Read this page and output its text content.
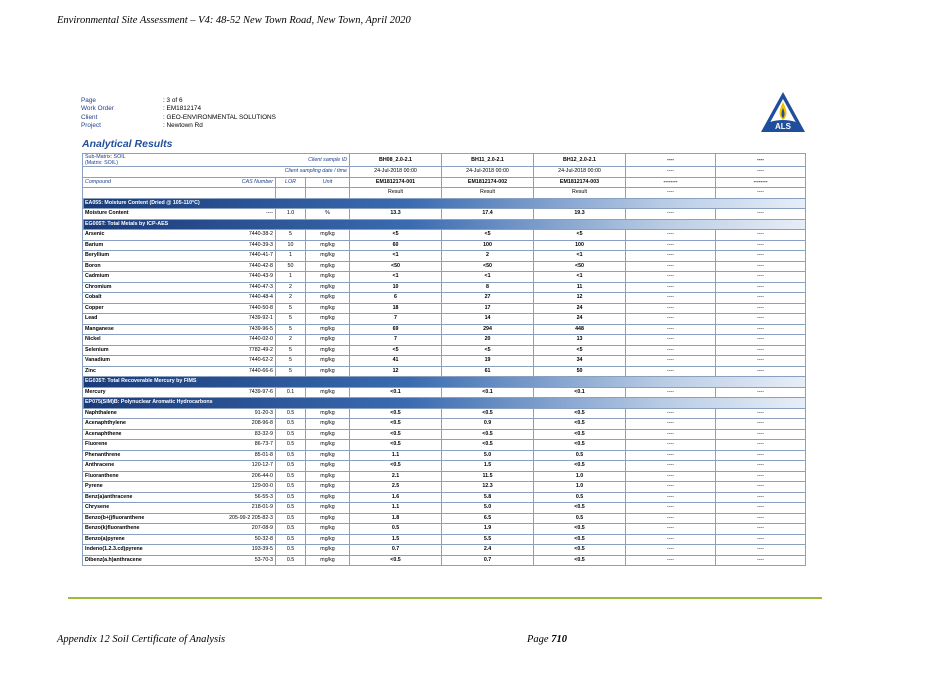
Environmental Site Assessment – V4: 48-52 New Town Road, New Town, April 2020
Page	: 3 of 6
Work Order	: EM1812174
Client	: GEO-ENVIRONMENTAL SOLUTIONS
Project	: Newtown Rd	ALS
Analytical Results
Sub-Matrix: SOIL
(Matrix: SOIL)		Client sample ID		BH08_2.0-2.1	BH11_2.0-2.1	BH12_2.0-2.1	----	----
Client sampling date / time				24-Jul-2018 00:00	24-Jul-2018 00:00	24-Jul-2018 00:00	----	----
Compound	CAS Number	LOR	Unit	EM1812174-001	EM1812174-002	EM1812174-003	--------	--------
				Result	Result	Result	----	----
EA055: Moisture Content (Dried @ 105-110°C)								
Moisture Content	----	1.0	%	13.3	17.4	19.3	----	----
EG005T: Total Metals by ICP-AES								
Arsenic	7440-38-2	5	mg/kg	<5	<5	<5	----	----
Barium	7440-39-3	10	mg/kg	60	100	100	----	----
Beryllium	7440-41-7	1	mg/kg	<1	2	<1	----	----
Boron	7440-42-8	50	mg/kg	<50	<50	<50	----	----
Cadmium	7440-43-9	1	mg/kg	<1	<1	<1	----	----
Chromium	7440-47-3	2	mg/kg	10	8	11	----	----
Cobalt	7440-48-4	2	mg/kg	6	27	12	----	----
Copper	7440-50-8	5	mg/kg	18	17	24	----	----
Lead	7439-92-1	5	mg/kg	7	14	24	----	----
Manganese	7439-96-5	5	mg/kg	69	294	448	----	----
Nickel	7440-02-0	2	mg/kg	7	20	13	----	----
Selenium	7782-49-2	5	mg/kg	<5	<5	<5	----	----
Vanadium	7440-62-2	5	mg/kg	41	19	34	----	----
Zinc	7440-66-6	5	mg/kg	12	61	50	----	----
EG035T: Total Recoverable Mercury by FIMS								
Mercury	7439-97-6	0.1	mg/kg	<0.1	<0.1	<0.1	----	----
EP075(SIM)B: Polynuclear Aromatic Hydrocarbons								
Naphthalene	91-20-3	0.5	mg/kg	<0.5	<0.5	<0.5	----	----
Acenaphthylene	208-96-8	0.5	mg/kg	<0.5	0.9	<0.5	----	----
Acenaphthene	83-32-9	0.5	mg/kg	<0.5	<0.5	<0.5	----	----
Fluorene	86-73-7	0.5	mg/kg	<0.5	<0.5	<0.5	----	----
Phenanthrene	85-01-8	0.5	mg/kg	1.1	5.0	0.5	----	----
Anthracene	120-12-7	0.5	mg/kg	<0.5	1.5	<0.5	----	----
Fluoranthene	206-44-0	0.5	mg/kg	2.1	11.5	1.0	----	----
Pyrene	129-00-0	0.5	mg/kg	2.5	12.3	1.0	----	----
Benz(a)anthracene	56-55-3	0.5	mg/kg	1.6	5.8	0.5	----	----
Chrysene	218-01-9	0.5	mg/kg	1.1	5.0	<0.5	----	----
Benzo(b+j)fluoranthene	205-99-2 205-82-3	0.5	mg/kg	1.8	6.5	0.5	----	----
Benzo(k)fluoranthene	207-08-9	0.5	mg/kg	0.5	1.9	<0.5	----	----
Benzo(a)pyrene	50-32-8	0.5	mg/kg	1.5	5.5	<0.5	----	----
Indeno(1.2.3.cd)pyrene	193-39-5	0.5	mg/kg	0.7	2.4	<0.5	----	----
Dibenz(a.h)anthracene	53-70-3	0.5	mg/kg	<0.5	0.7	<0.5	----	----
Appendix 12 Soil Certificate of Analysis	Page 710
